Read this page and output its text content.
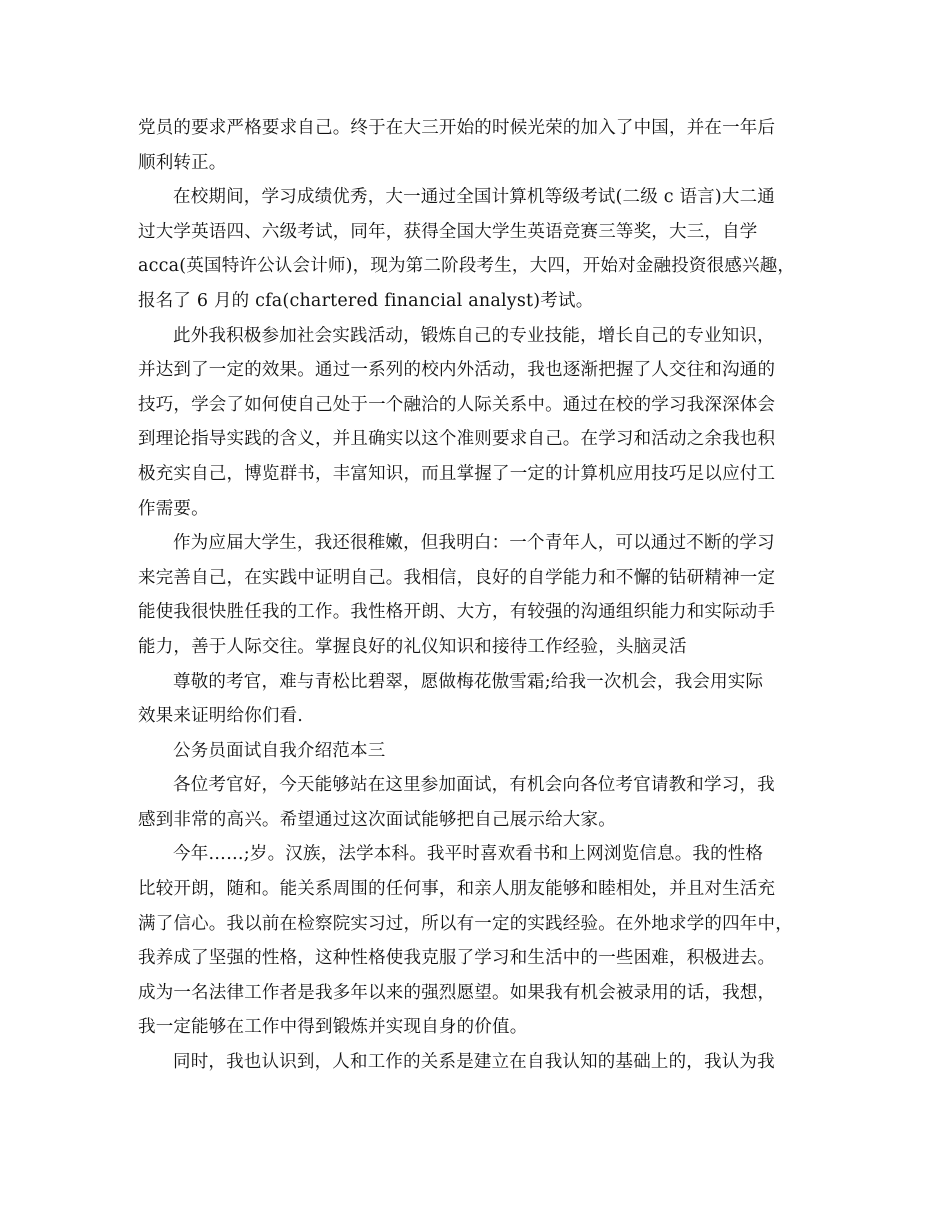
党员的要求严格要求自己。终于在大三开始的时候光荣的加入了中国，并在一年后
顺利转正。

在校期间，学习成绩优秀，大一通过全国计算机等级考试(二级 c 语言)大二通
过大学英语四、六级考试，同年，获得全国大学生英语竞赛三等奖，大三，自学
acca(英国特许公认会计师)，现为第二阶段考生，大四，开始对金融投资很感兴趣，
报名了 6 月的 cfa(chartered financial analyst)考试。

此外我积极参加社会实践活动，锻炼自己的专业技能，增长自己的专业知识，
并达到了一定的效果。通过一系列的校内外活动，我也逐渐把握了人交往和沟通的
技巧，学会了如何使自己处于一个融洽的人际关系中。通过在校的学习我深深体会
到理论指导实践的含义，并且确实以这个准则要求自己。在学习和活动之余我也积
极充实自己，博览群书，丰富知识，而且掌握了一定的计算机应用技巧足以应付工
作需要。

作为应届大学生，我还很稚嫩，但我明白：一个青年人，可以通过不断的学习
来完善自己，在实践中证明自己。我相信，良好的自学能力和不懈的钻研精神一定
能使我很快胜任我的工作。我性格开朗、大方，有较强的沟通组织能力和实际动手
能力，善于人际交往。掌握良好的礼仪知识和接待工作经验，头脑灵活

尊敬的考官，难与青松比碧翠，愿做梅花傲雪霜;给我一次机会，我会用实际
效果来证明给你们看.

公务员面试自我介绍范本三

各位考官好，今天能够站在这里参加面试，有机会向各位考官请教和学习，我
感到非常的高兴。希望通过这次面试能够把自己展示给大家。

今年……;岁。汉族，法学本科。我平时喜欢看书和上网浏览信息。我的性格
比较开朗，随和。能关系周围的任何事，和亲人朋友能够和睦相处，并且对生活充
满了信心。我以前在检察院实习过，所以有一定的实践经验。在外地求学的四年中，
我养成了坚强的性格，这种性格使我克服了学习和生活中的一些困难，积极进去。
成为一名法律工作者是我多年以来的强烈愿望。如果我有机会被录用的话，我想，
我一定能够在工作中得到锻炼并实现自身的价值。

同时，我也认识到，人和工作的关系是建立在自我认知的基础上的，我认为我
